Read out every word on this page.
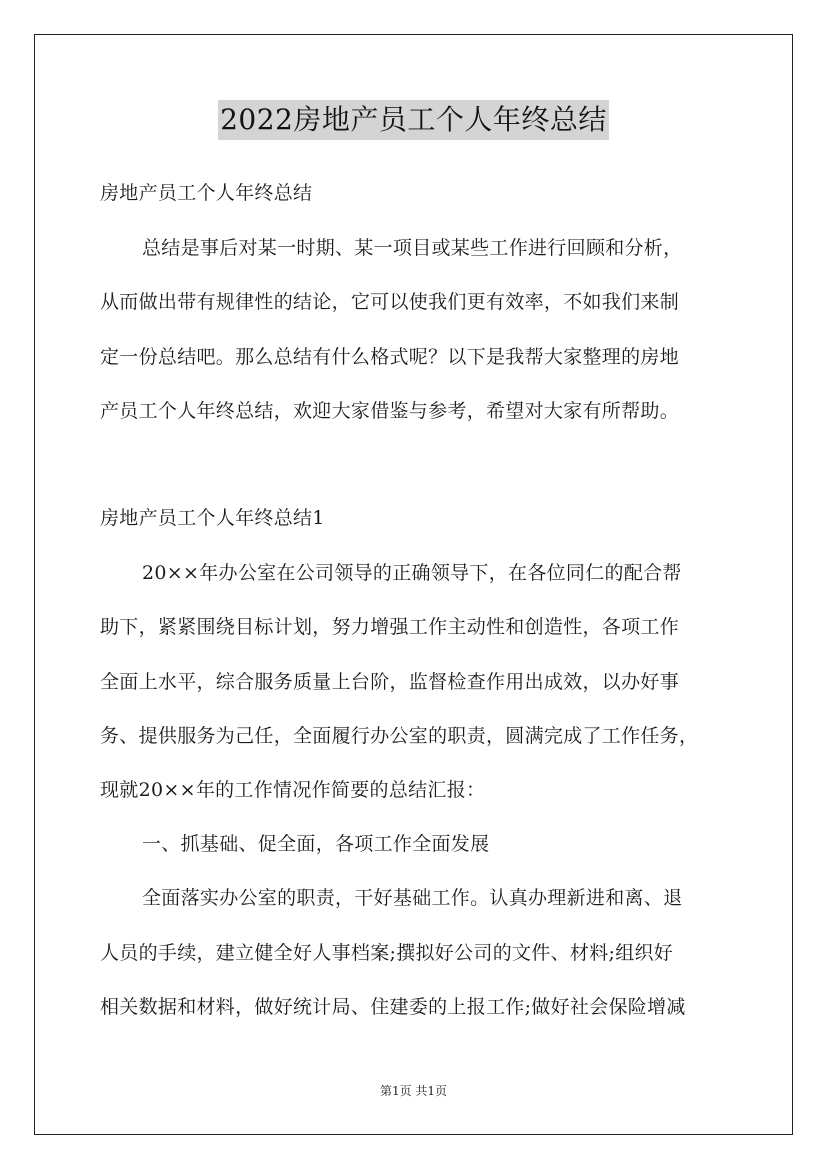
2022房地产员工个人年终总结
房地产员工个人年终总结
总结是事后对某一时期、某一项目或某些工作进行回顾和分析，
从而做出带有规律性的结论，它可以使我们更有效率，不如我们来制
定一份总结吧。那么总结有什么格式呢？以下是我帮大家整理的房地
产员工个人年终总结，欢迎大家借鉴与参考，希望对大家有所帮助。
房地产员工个人年终总结1
20××年办公室在公司领导的正确领导下，在各位同仁的配合帮
助下，紧紧围绕目标计划，努力增强工作主动性和创造性，各项工作
全面上水平，综合服务质量上台阶，监督检查作用出成效，以办好事
务、提供服务为己任，全面履行办公室的职责，圆满完成了工作任务，
现就20××年的工作情况作简要的总结汇报：
一、抓基础、促全面，各项工作全面发展
全面落实办公室的职责，干好基础工作。认真办理新进和离、退
人员的手续，建立健全好人事档案;撰拟好公司的文件、材料;组织好
相关数据和材料，做好统计局、住建委的上报工作;做好社会保险增减
第1页 共1页
